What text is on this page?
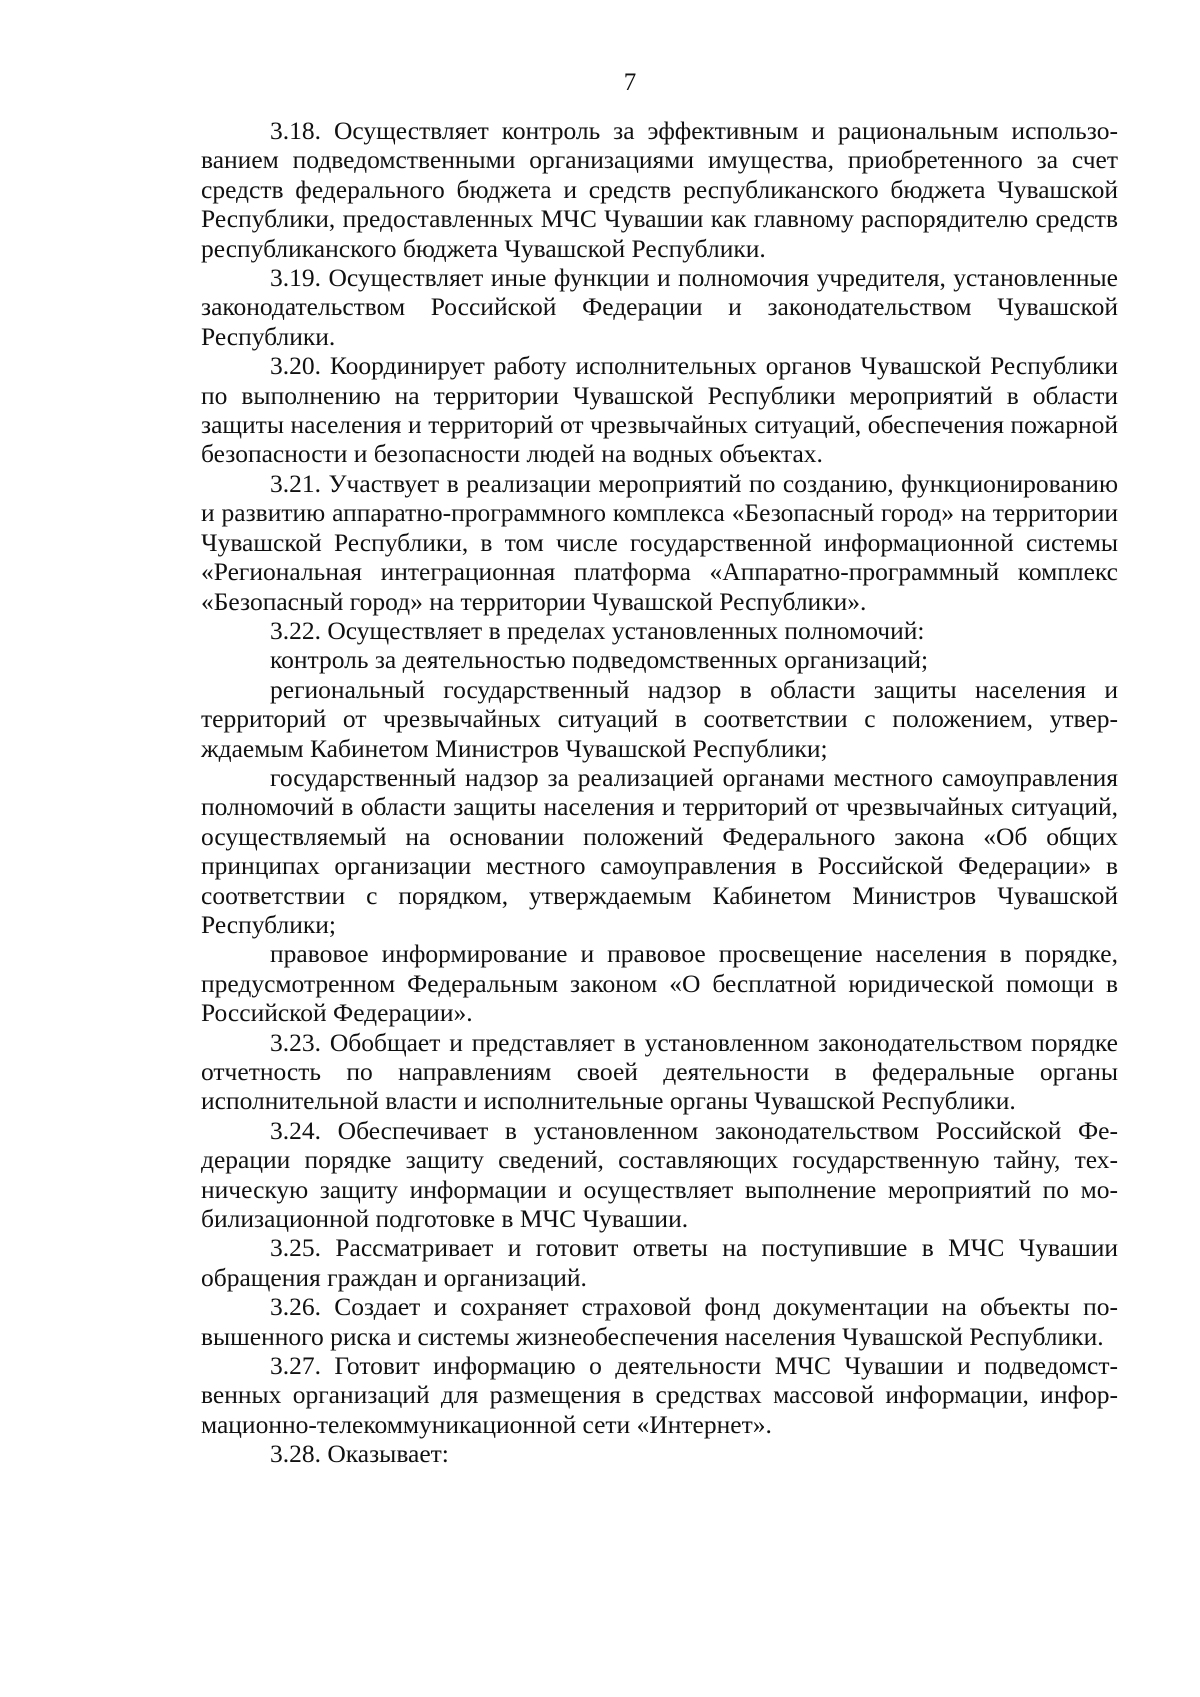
7

3.18. Осуществляет контроль за эффективным и рациональным использованием подведомственными организациями имущества, приобретенного за счет средств федерального бюджета и средств республиканского бюджета Чувашской Республики, предоставленных МЧС Чувашии как главному распорядителю средств республиканского бюджета Чувашской Республики.

3.19. Осуществляет иные функции и полномочия учредителя, установленные законодательством Российской Федерации и законодательством Чувашской Республики.

3.20. Координирует работу исполнительных органов Чувашской Республики по выполнению на территории Чувашской Республики мероприятий в области защиты населения и территорий от чрезвычайных ситуаций, обеспечения пожарной безопасности и безопасности людей на водных объектах.

3.21. Участвует в реализации мероприятий по созданию, функционированию и развитию аппаратно-программного комплекса «Безопасный город» на территории Чувашской Республики, в том числе государственной информационной системы «Региональная интеграционная платформа «Аппаратно-программный комплекс «Безопасный город» на территории Чувашской Республики».

3.22. Осуществляет в пределах установленных полномочий:

контроль за деятельностью подведомственных организаций;

региональный государственный надзор в области защиты населения и территорий от чрезвычайных ситуаций в соответствии с положением, утверждаемым Кабинетом Министров Чувашской Республики;

государственный надзор за реализацией органами местного самоуправления полномочий в области защиты населения и территорий от чрезвычайных ситуаций, осуществляемый на основании положений Федерального закона «Об общих принципах организации местного самоуправления в Российской Федерации» в соответствии с порядком, утверждаемым Кабинетом Министров Чувашской Республики;

правовое информирование и правовое просвещение населения в порядке, предусмотренном Федеральным законом «О бесплатной юридической помощи в Российской Федерации».

3.23. Обобщает и представляет в установленном законодательством порядке отчетность по направлениям своей деятельности в федеральные органы исполнительной власти и исполнительные органы Чувашской Республики.

3.24. Обеспечивает в установленном законодательством Российской Федерации порядке защиту сведений, составляющих государственную тайну, техническую защиту информации и осуществляет выполнение мероприятий по мобилизационной подготовке в МЧС Чувашии.

3.25. Рассматривает и готовит ответы на поступившие в МЧС Чувашии обращения граждан и организаций.

3.26. Создает и сохраняет страховой фонд документации на объекты повышенного риска и системы жизнеобеспечения населения Чувашской Республики.

3.27. Готовит информацию о деятельности МЧС Чувашии и подведомственных организаций для размещения в средствах массовой информации, информационно-телекоммуникационной сети «Интернет».

3.28. Оказывает:
